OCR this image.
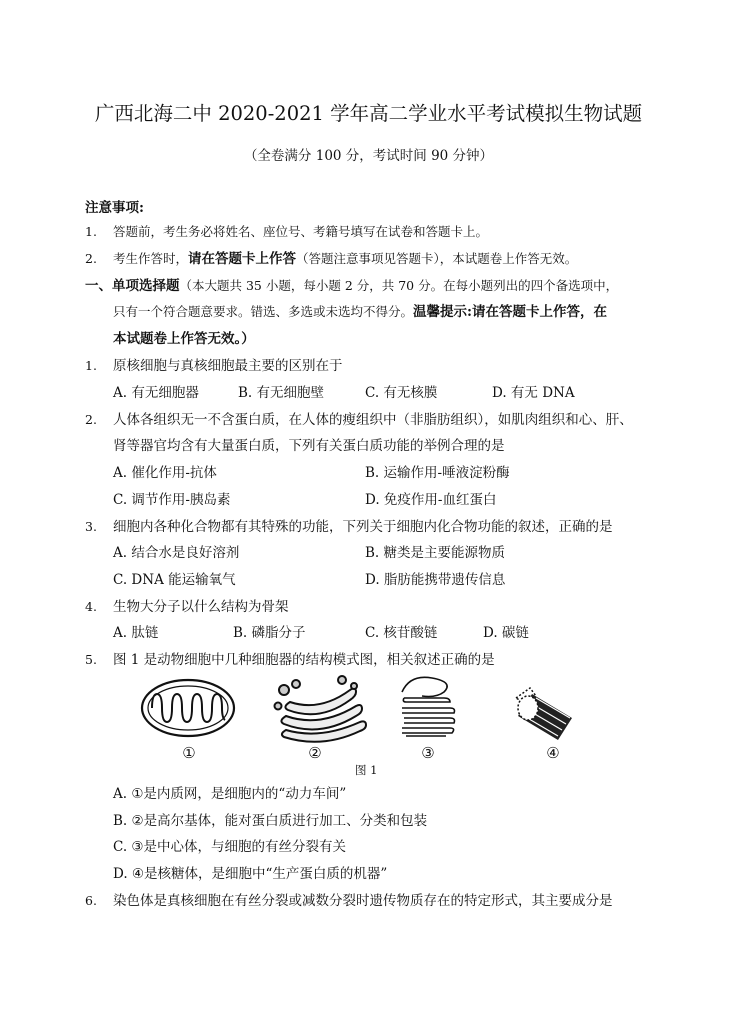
广西北海二中 2020-2021 学年高二学业水平考试模拟生物试题
（全卷满分 100 分，考试时间 90 分钟）
注意事项:
1. 答题前，考生务必将姓名、座位号、考籍号填写在试卷和答题卡上。
2. 考生作答时，请在答题卡上作答（答题注意事项见答题卡），本试题卷上作答无效。
一、单项选择题（本大题共 35 小题，每小题 2 分，共 70 分。在每小题列出的四个备选项中，
只有一个符合题意要求。错选、多选或未选均不得分。温馨提示:请在答题卡上作答，在
本试题卷上作答无效。）
1. 原核细胞与真核细胞最主要的区别在于
A. 有无细胞器	B. 有无细胞壁	C. 有无核膜	D. 有无 DNA
2. 人体各组织无一不含蛋白质，在人体的瘦组织中（非脂肪组织），如肌肉组织和心、肝、
肾等器官均含有大量蛋白质，下列有关蛋白质功能的举例合理的是
A. 催化作用-抗体	B. 运输作用-唾液淀粉酶
C. 调节作用-胰岛素	D. 免疫作用-血红蛋白
3. 细胞内各种化合物都有其特殊的功能，下列关于细胞内化合物功能的叙述，正确的是
A. 结合水是良好溶剂	B. 糖类是主要能源物质
C. DNA 能运输氧气	D. 脂肪能携带遗传信息
4. 生物大分子以什么结构为骨架
A. 肽链	B. 磷脂分子	C. 核苷酸链	D. 碳链
5. 图 1 是动物细胞中几种细胞器的结构模式图，相关叙述正确的是
①	②	③	④
图 1
A. ①是内质网，是细胞内的“动力车间”
B. ②是高尔基体，能对蛋白质进行加工、分类和包装
C. ③是中心体，与细胞的有丝分裂有关
D. ④是核糖体，是细胞中“生产蛋白质的机器”
6. 染色体是真核细胞在有丝分裂或减数分裂时遗传物质存在的特定形式，其主要成分是
